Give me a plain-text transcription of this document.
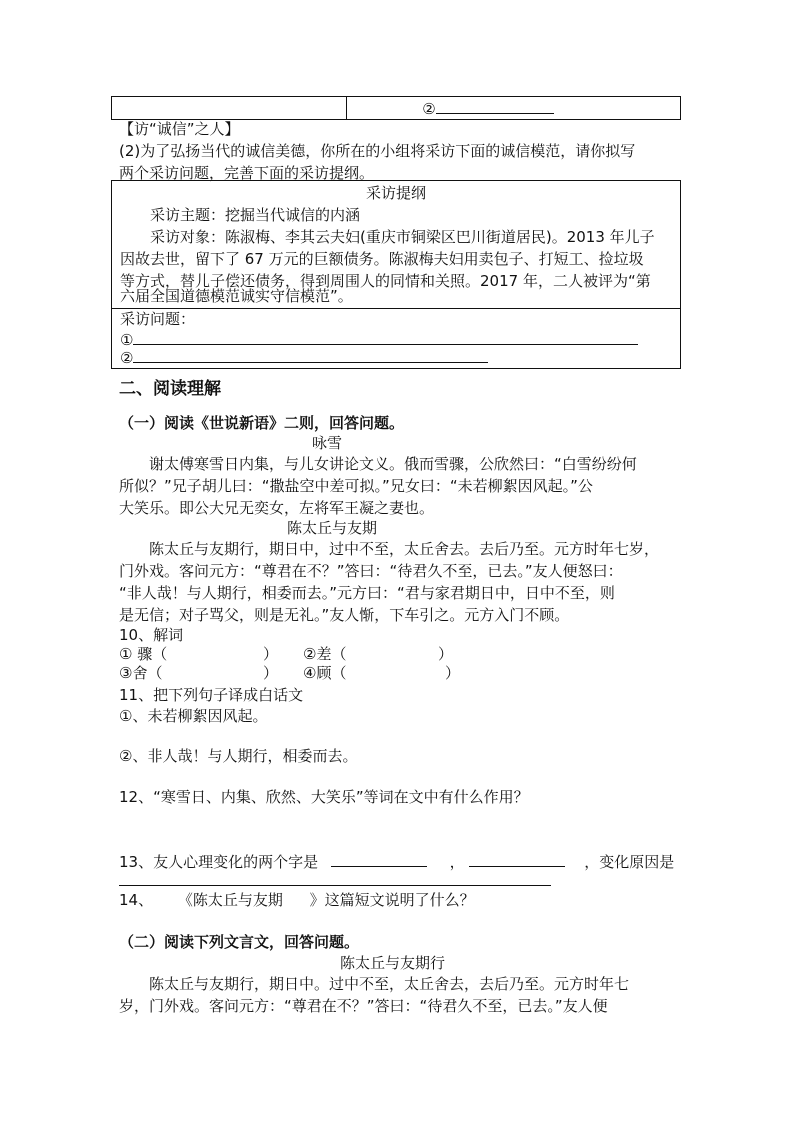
	②
【访“诚信”之人】
(2)为了弘扬当代的诚信美德，你所在的小组将采访下面的诚信模范，请你拟写
两个采访问题，完善下面的采访提纲。
采访提纲
采访主题：挖掘当代诚信的内涵
采访对象：陈淑梅、李其云夫妇(重庆市铜梁区巴川街道居民)。2013 年儿子
因故去世，留下了 67 万元的巨额债务。陈淑梅夫妇用卖包子、打短工、捡垃圾
等方式，替儿子偿还债务，得到周围人的同情和关照。2017 年，二人被评为“第
六届全国道德模范诚实守信模范”。
采访问题：
①
②
二、阅读理解
（一）阅读《世说新语》二则，回答问题。
咏雪
谢太傅寒雪日内集，与儿女讲论文义。俄而雪骤，公欣然曰：“白雪纷纷何
所似？”兄子胡儿曰：“撒盐空中差可拟。”兄女曰：“未若柳絮因风起。”公
大笑乐。即公大兄无奕女，左将军王凝之妻也。
陈太丘与友期
陈太丘与友期行，期日中，过中不至，太丘舍去。去后乃至。元方时年七岁，
门外戏。客问元方：“尊君在不？”答曰：“待君久不至，已去。”友人便怒曰：
“非人哉！与人期行，相委而去。”元方曰：“君与家君期日中，日中不至，则
是无信；对子骂父，则是无礼。”友人惭，下车引之。元方入门不顾。
10、解词
① 骤（	） ②差（	）
③舍（	） ④顾（	）
11、把下列句子译成白话文
①、未若柳絮因风起。
②、非人哉！与人期行，相委而去。
12、“寒雪日、内集、欣然、大笑乐”等词在文中有什么作用？
13、友人心理变化的两个字是	，	，变化原因是
14、 《陈太丘与友期 》这篇短文说明了什么？
（二）阅读下列文言文，回答问题。
陈太丘与友期行
陈太丘与友期行，期日中。过中不至，太丘舍去，去后乃至。元方时年七
岁，门外戏。客问元方：“尊君在不？”答曰：“待君久不至，已去。”友人便
